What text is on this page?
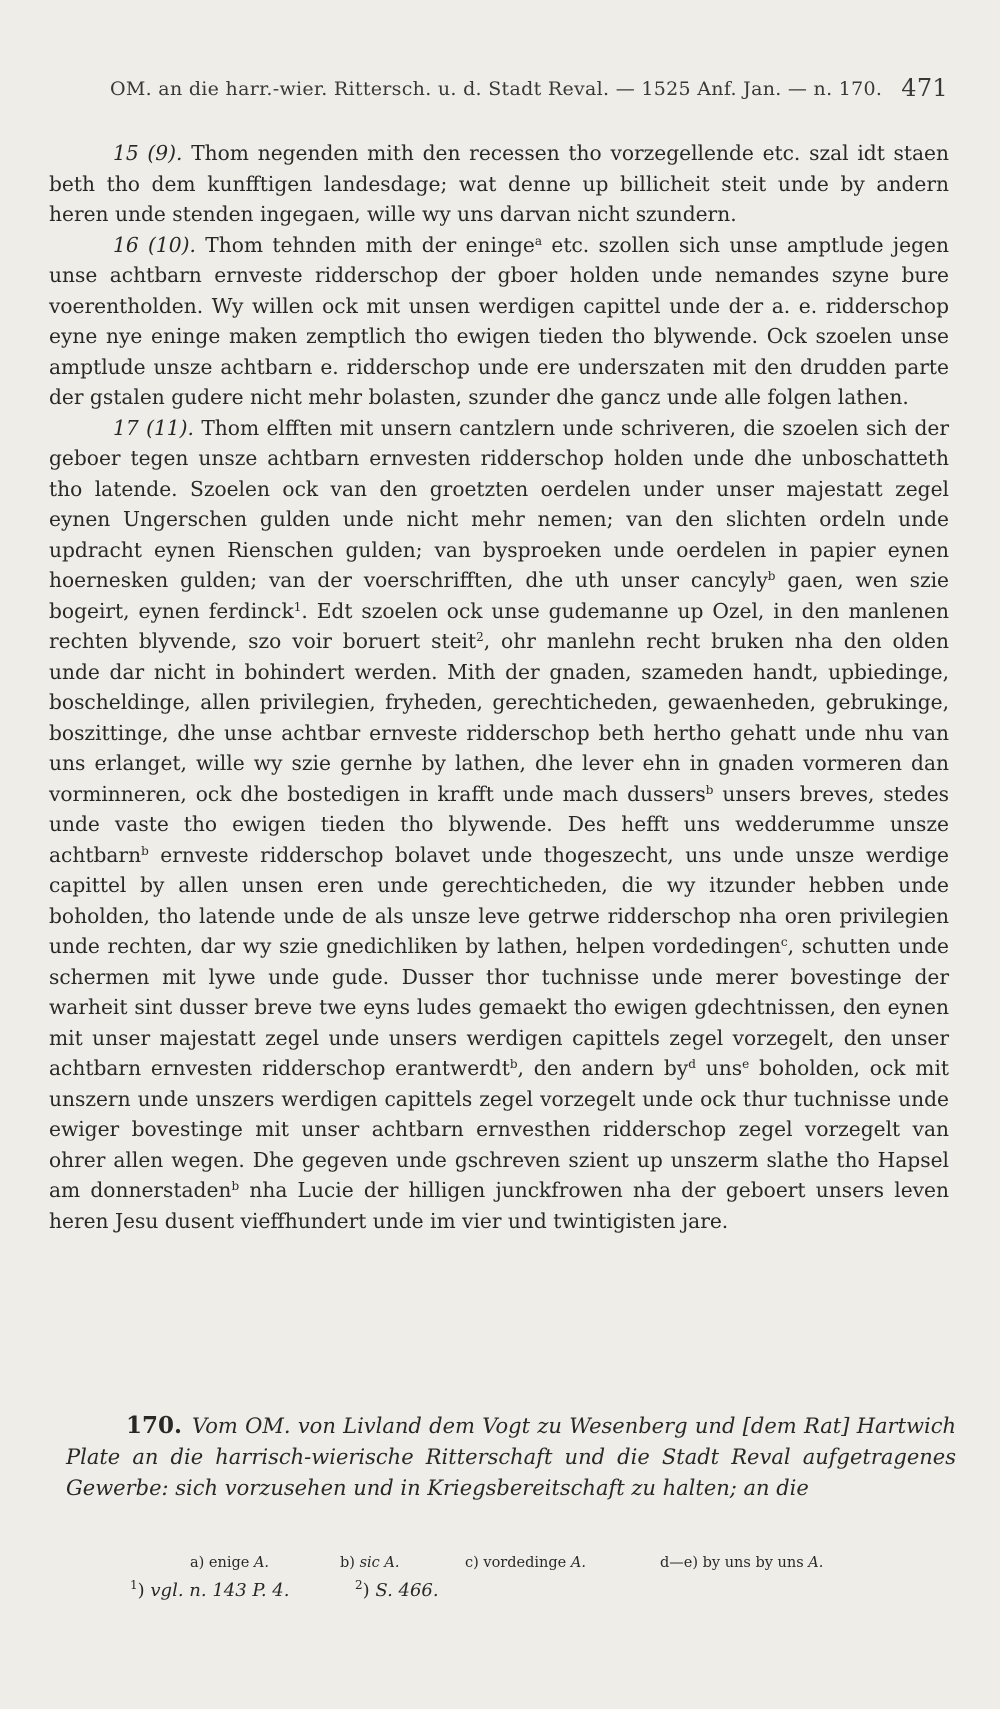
OM. an die harr.-wier. Rittersch. u. d. Stadt Reval. — 1525 Anf. Jan. — n. 170. 471

15 (9). Thom negenden mith den recessen tho vorzegellende etc. szal idt staen beth tho dem kunfftigen landesdage; wat denne up billicheit steit unde by andern heren unde stenden ingegaen, wille wy uns darvan nicht szundern.

16 (10). Thom tehnden mith der eninge$^a$ etc. szollen sich unse amptlude jegen unse achtbarn ernveste ridderschop der gboer holden unde nemandes szyne bure voerentholden. Wy willen ock mit unsen werdigen capittel unde der a. e. ridderschop eyne nye eninge maken zemptlich tho ewigen tieden tho blywende. Ock szoelen unse amptlude unsze achtbarn e. ridderschop unde ere underszaten mit den drudden parte der gstalen gudere nicht mehr bolasten, szunder dhe gancz unde alle folgen lathen.

17 (11). Thom elfften mit unsern cantzlern unde schriveren, die szoelen sich der geboer tegen unsze achtbarn ernvesten ridderschop holden unde dhe unboschatteth tho latende. Szoelen ock van den groetzten oerdelen under unser majestatt zegel eynen Ungerschen gulden unde nicht mehr nemen; van den slichten ordeln unde updracht eynen Rienschen gulden; van bysproeken unde oerdelen in papier eynen hoernesken gulden; van der voerschrifften, dhe uth unser cancyly$^b$ gaen, wen szie bogeirt, eynen ferdinck$^1$. Edt szoelen ock unse gudemanne up Ozel, in den manlenen rechten blyvende, szo voir boruert steit$^2$, ohr manlehn recht bruken nha den olden unde dar nicht in bohindert werden. Mith der gnaden, szameden handt, upbiedinge, boscheldinge, allen privilegien, fryheden, gerechticheden, gewaenheden, gebrukinge, boszittinge, dhe unse achtbar ernveste ridderschop beth hertho gehatt unde nhu van uns erlanget, wille wy szie gernhe by lathen, dhe lever ehn in gnaden vormeren dan vorminneren, ock dhe bostedigen in krafft unde mach dussers$^b$ unsers breves, stedes unde vaste tho ewigen tieden tho blywende. Des hefft uns wedderumme unsze achtbarn$^b$ ernveste ridderschop bolavet unde thogeszecht, uns unde unsze werdige capittel by allen unsen eren unde gerechticheden, die wy itzunder hebben unde boholden, tho latende unde de als unsze leve getrwe ridderschop nha oren privilegien unde rechten, dar wy szie gnedichliken by lathen, helpen vordedingen$^c$, schutten unde schermen mit lywe unde gude. Dusser thor tuchnisse unde merer bovestinge der warheit sint dusser breve twe eyns ludes gemaekt tho ewigen gdechtnissen, den eynen mit unser majestatt zegel unde unsers werdigen capittels zegel vorzegelt, den unser achtbarn ernvesten ridderschop erantwerdt$^b$, den andern $by^d$ uns$^e$ boholden, ock mit unszern unde unszers werdigen capittels zegel vorzegelt unde ock thur tuchnisse unde ewiger bovestinge mit unser achtbarn ernvesthen ridderschop zegel vorzegelt van ohrer allen wegen. Dhe gegeven unde gschreven szient up unszerm slathe tho Hapsel am donnerstaden$^b$ nha Lucie der hilligen junckfrowen nha der geboert unsers leven heren Jesu dusent vieffhundert unde im vier und twintigisten jare.

170. Vom OM. von Livland dem Vogt zu Wesenberg und [dem Rat] Hartwich Plate an die harrisch-wierische Ritterschaft und die Stadt Reval aufgetragenes Gewerbe: sich vorzusehen und in Kriegsbereitschaft zu halten; an die
a) enige A.	b) sic A.	c) vordedinge A.	d—e) by uns by uns A.
$^1$) vgl. n. 143 P. 4.	$^2$) S. 466.
